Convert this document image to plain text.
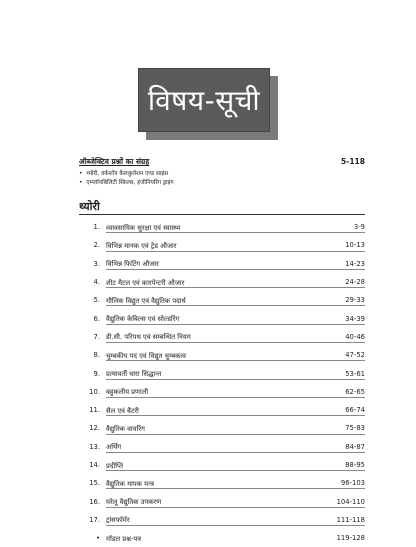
विषय-सूची
ऑब्जेक्टिव प्रश्नों का संग्रह	5-118
• थ्योरी, वर्कशॉप कैलकुलेशन एण्ड साइंस
• एम्प्लॉयबिलिटी स्किल्स, इंजीनियरिंग ड्राइंग
थ्योरी
1. व्यावसायिक सुरक्षा एवं स्वास्थ्य	3-9
2. विभिन्न मानक एवं ट्रेड औजार	10-13
3. विभिन्न फिटिंग औजार	14-23
4. शीट मैटल एवं कारपेन्टरी औजार	24-28
5. मौलिक विद्युत एवं वैद्युतिक पदार्थ	29-33
6. वैद्युतिक केबिल्स एवं सोल्डरिंग	34-39
7. डी.सी. परिपथ एवं सम्बन्धित नियम	40-46
8. चुम्बकीय पद एवं विद्युत चुम्बकत्व	47-52
9. प्रत्यावर्ती धारा सिद्धान्त	53-61
10. बहुकलीय प्रणाली	62-65
11. सैल एवं बैटरी	66-74
12. वैद्युतिक वायरिंग	75-83
13. अर्थिंग	84-87
14. प्रदीप्ति	88-95
15. वैद्युतिक मापक यन्त्र	96-103
16. घरेलू वैद्युतिक उपकरण	104-110
17. ट्रांसफॉर्मर	111-118
• मॉडल प्रश्न-पत्र	119-128
